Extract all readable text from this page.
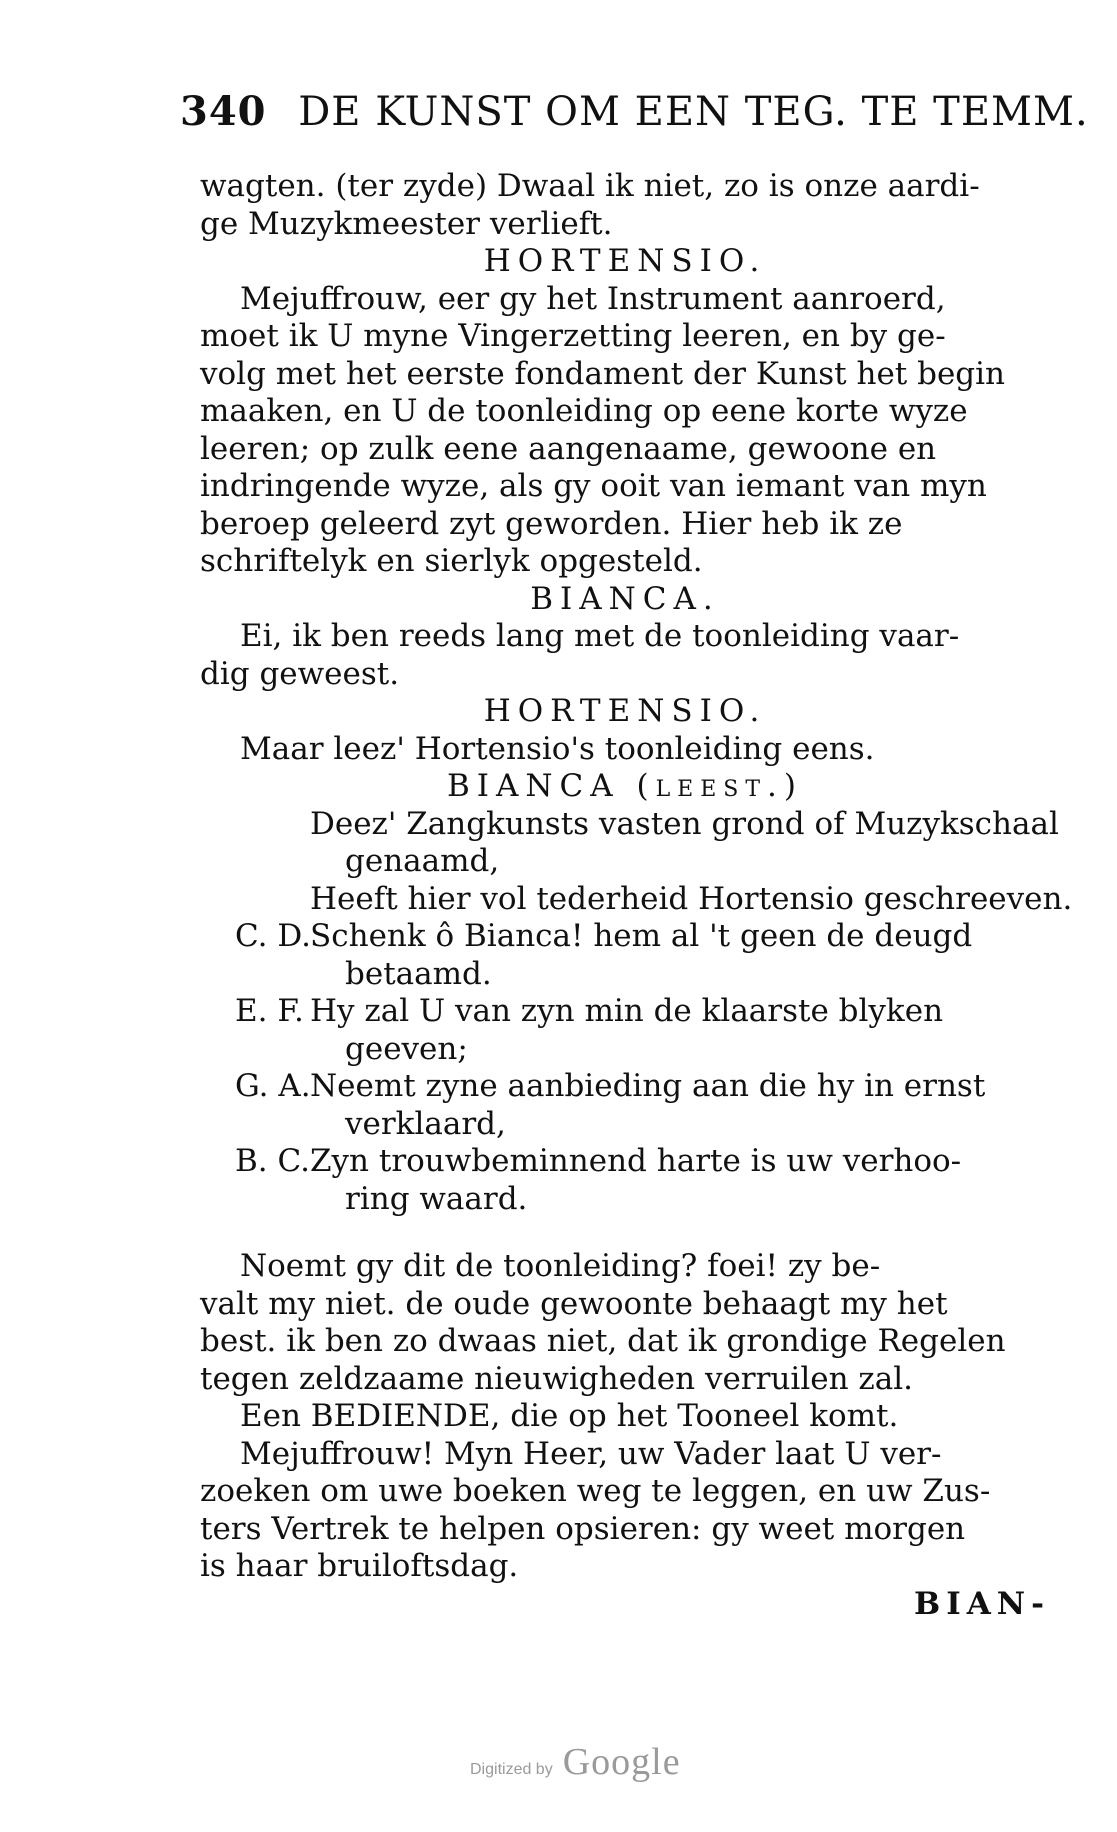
340 DE KUNST OM EEN TEG. TE TEMM.
wagten. (ter zyde) Dwaal ik niet, zo is onze aardi-
ge Muzykmeester verlieft.
HORTENSIO.
Mejuffrouw, eer gy het Instrument aanroerd,
moet ik U myne Vingerzetting leeren, en by ge-
volg met het eerste fondament der Kunst het begin
maaken, en U de toonleiding op eene korte wyze
leeren; op zulk eene aangenaame, gewoone en
indringende wyze, als gy ooit van iemant van myn
beroep geleerd zyt geworden. Hier heb ik ze
schriftelyk en sierlyk opgesteld.
BIANCA.
Ei, ik ben reeds lang met de toonleiding vaar-
dig geweest.
HORTENSIO.
Maar leez' Hortensio's toonleiding eens.
BIANCA (leest.)
Deez' Zangkunsts vasten grond of Muzykschaal
genaamd,
Heeft hier vol tederheid Hortensio geschreeven.
C. D.Schenk ô Bianca! hem al 't geen de deugd
betaamd.
E. F. Hy zal U van zyn min de klaarste blyken
geeven;
G. A.Neemt zyne aanbieding aan die hy in ernst
verklaard,
B. C.Zyn trouwbeminnend harte is uw verhoo-
ring waard.
Noemt gy dit de toonleiding? foei! zy be-
valt my niet. de oude gewoonte behaagt my het
best. ik ben zo dwaas niet, dat ik grondige Regelen
tegen zeldzaame nieuwigheden verruilen zal.
Een BEDIENDE, die op het Tooneel komt.
Mejuffrouw! Myn Heer, uw Vader laat U ver-
zoeken om uwe boeken weg te leggen, en uw Zus-
ters Vertrek te helpen opsieren: gy weet morgen
is haar bruiloftsdag.
BIAN-
Digitized by Google
